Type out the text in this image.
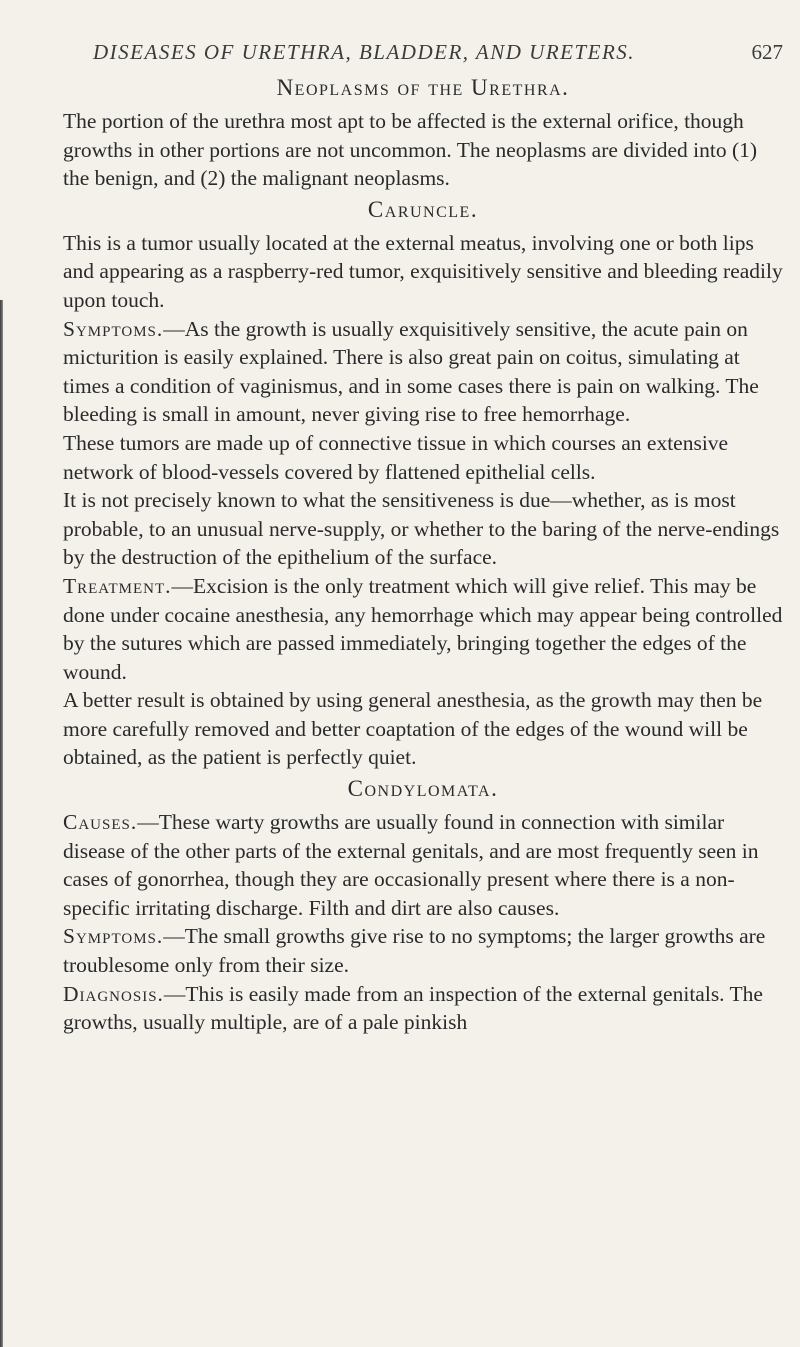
DISEASES OF URETHRA, BLADDER, AND URETERS.	627
Neoplasms of the Urethra.

The portion of the urethra most apt to be affected is the external orifice, though growths in other portions are not uncommon. The neoplasms are divided into (1) the benign, and (2) the malignant neoplasms.

Caruncle.

This is a tumor usually located at the external meatus, involving one or both lips and appearing as a raspberry-red tumor, exquisitively sensitive and bleeding readily upon touch.

Symptoms.—As the growth is usually exquisitively sensitive, the acute pain on micturition is easily explained. There is also great pain on coitus, simulating at times a condition of vaginismus, and in some cases there is pain on walking. The bleeding is small in amount, never giving rise to free hemorrhage.

These tumors are made up of connective tissue in which courses an extensive network of blood-vessels covered by flattened epithelial cells.

It is not precisely known to what the sensitiveness is due—whether, as is most probable, to an unusual nerve-supply, or whether to the baring of the nerve-endings by the destruction of the epithelium of the surface.

Treatment.—Excision is the only treatment which will give relief. This may be done under cocaine anesthesia, any hemorrhage which may appear being controlled by the sutures which are passed immediately, bringing together the edges of the wound.

A better result is obtained by using general anesthesia, as the growth may then be more carefully removed and better coaptation of the edges of the wound will be obtained, as the patient is perfectly quiet.

Condylomata.

Causes.—These warty growths are usually found in connection with similar disease of the other parts of the external genitals, and are most frequently seen in cases of gonorrhea, though they are occasionally present where there is a non-specific irritating discharge. Filth and dirt are also causes.

Symptoms.—The small growths give rise to no symptoms; the larger growths are troublesome only from their size.

Diagnosis.—This is easily made from an inspection of the external genitals. The growths, usually multiple, are of a pale pinkish
